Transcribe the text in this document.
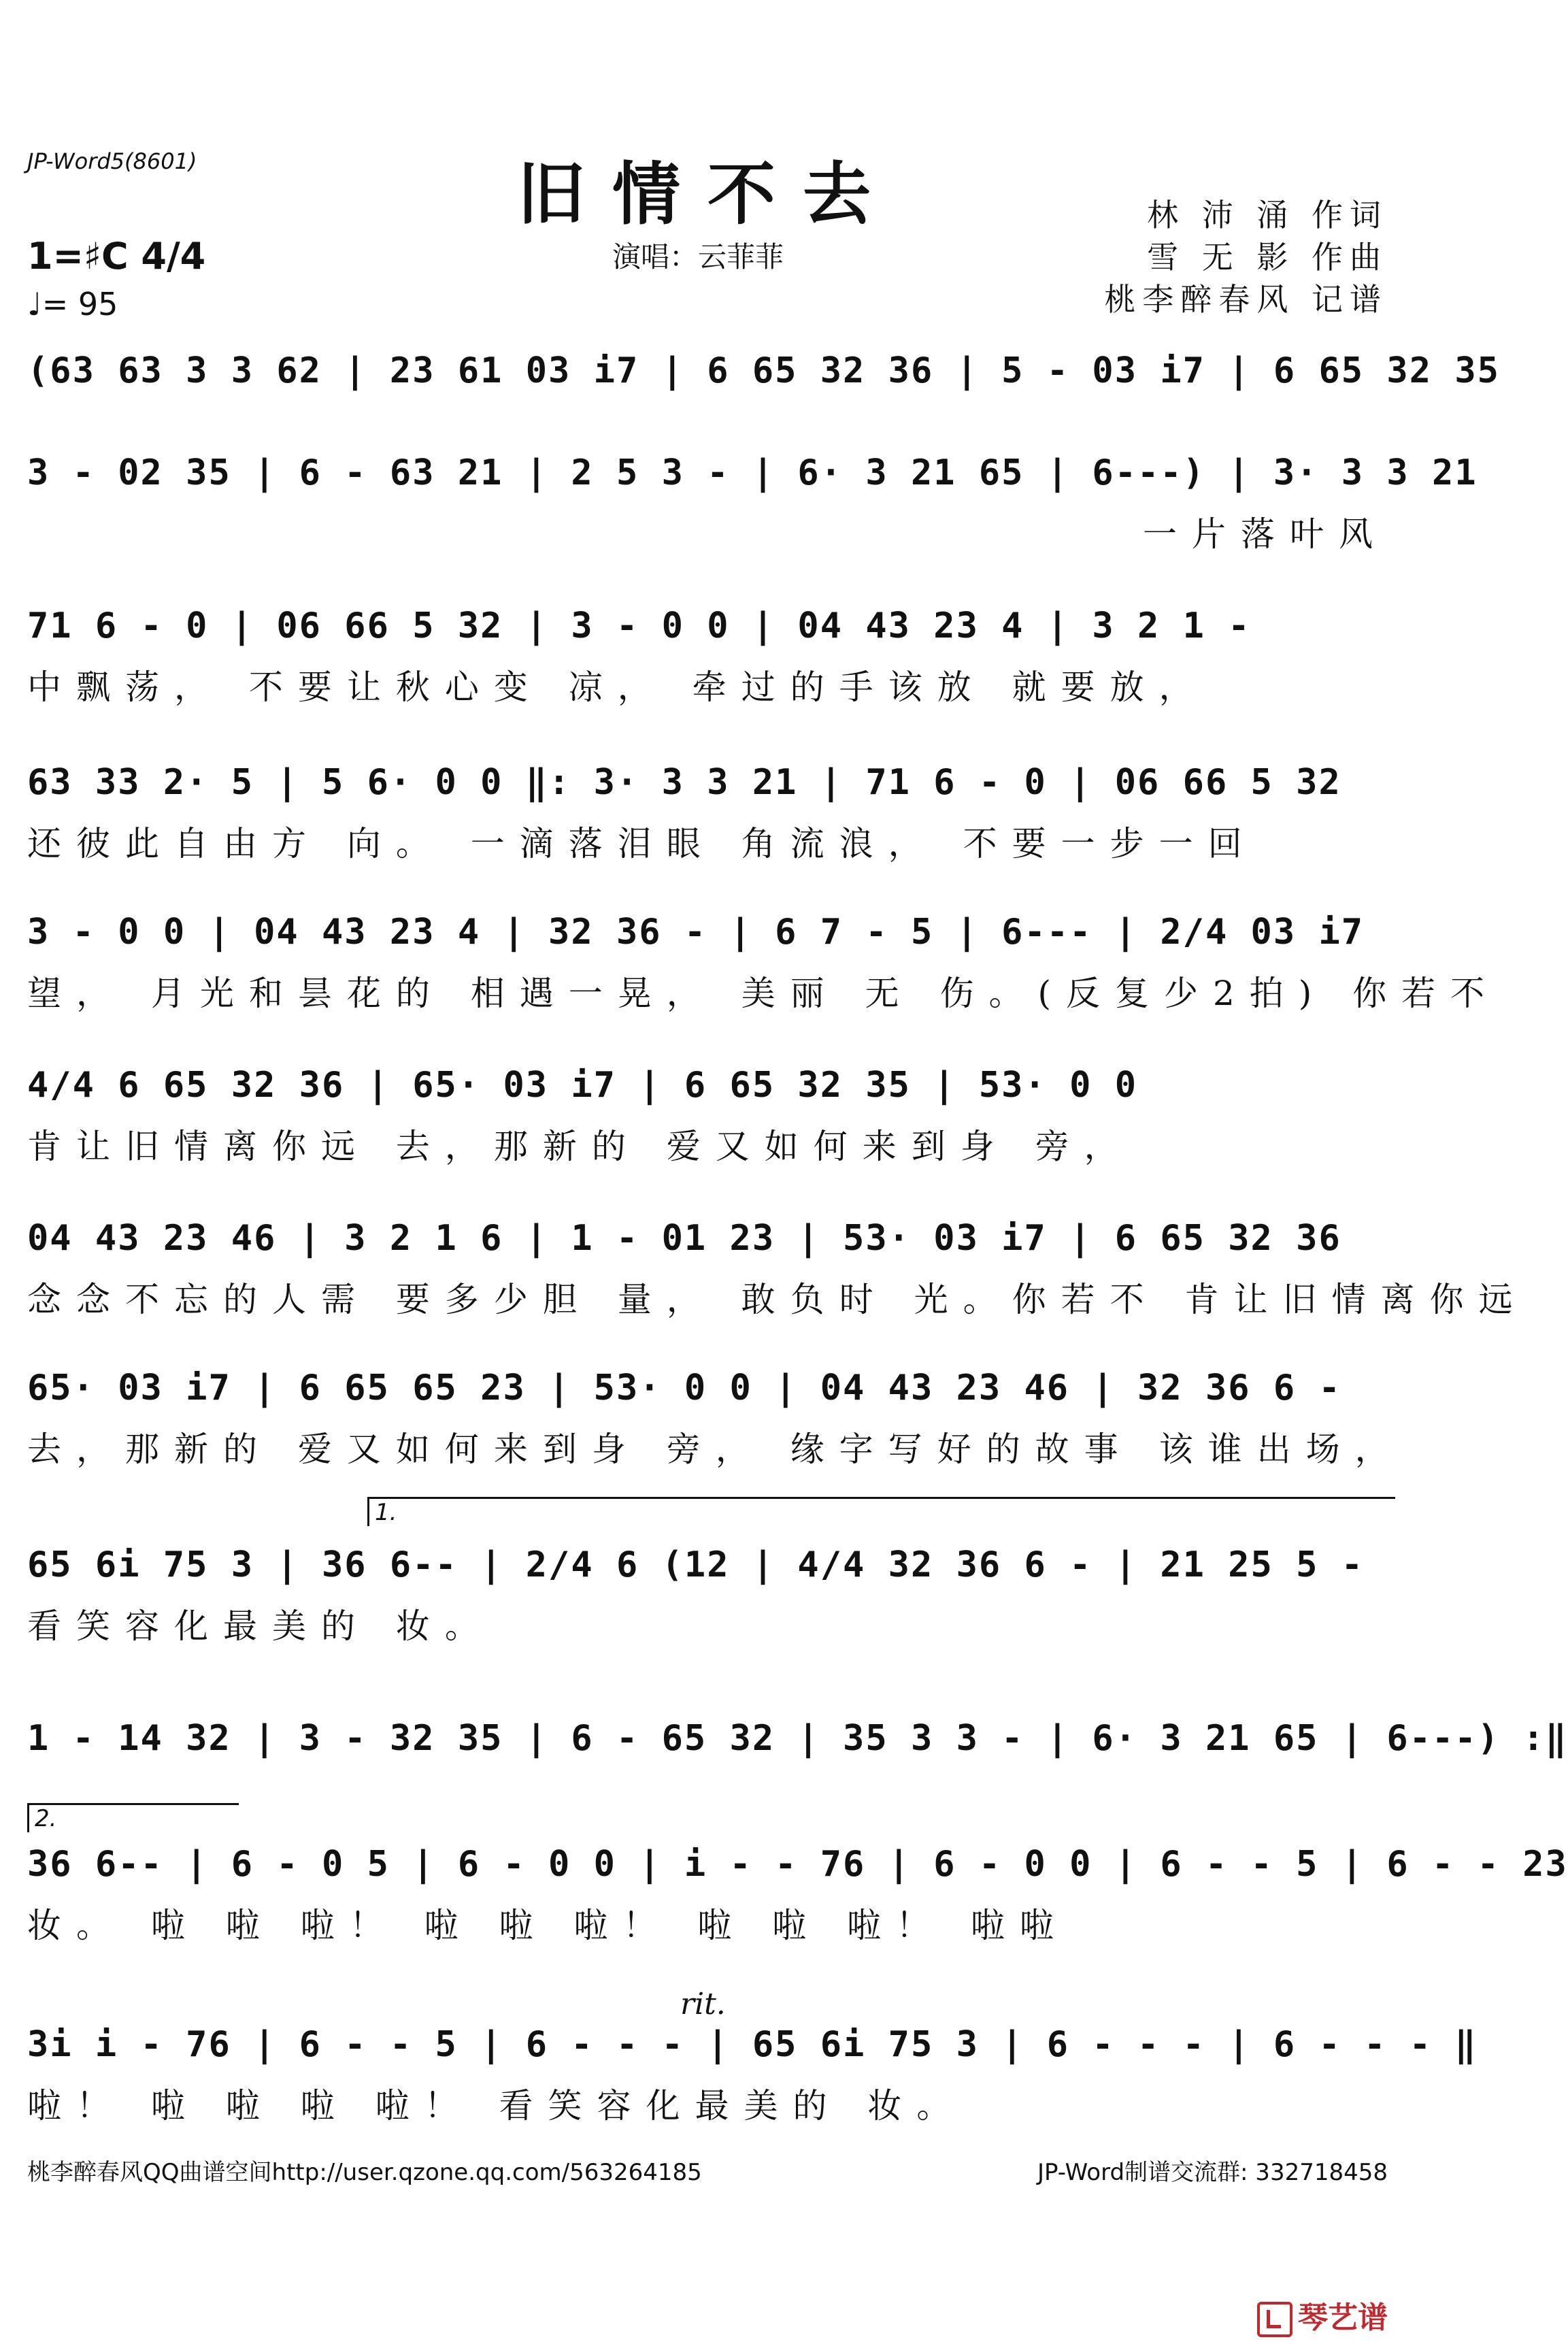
JP-Word5(8601)	旧情不去
演唱：云菲菲
1=♯C 4/4
♩= 95
林 沛 涌 作词
雪 无 影 作曲
桃李醉春风 记谱
(63 63 3 3 62 | 23 61 03 i7 | 6 65 32 36 | 5 - 03 i7 | 6 65 32 35
3 - 02 35 | 6 - 63 21 | 2 5 3 - | 6· 3 21 65 | 6---) | 3· 3 3 21
一片落叶风
71 6 - 0 | 06 66 5 32 | 3 - 0 0 | 04 43 23 4 | 3 2 1 -
中飘荡， 不要让秋心变 凉， 牵过的手该放 就要放，
63 33 2· 5 | 5 6· 0 0 ‖: 3· 3 3 21 | 71 6 - 0 | 06 66 5 32
还彼此自由方 向。 一滴落泪眼 角流浪， 不要一步一回
3 - 0 0 | 04 43 23 4 | 32 36 - | 6 7 - 5 | 6--- | 2/4 03 i7
望， 月光和昙花的 相遇一晃， 美丽 无 伤。(反复少2拍) 你若不
4/4 6 65 32 36 | 65· 03 i7 | 6 65 32 35 | 53· 0 0
肯让旧情离你远 去，那新的 爱又如何来到身 旁，
04 43 23 46 | 3 2 1 6 | 1 - 01 23 | 53· 03 i7 | 6 65 32 36
念念不忘的人需 要多少胆 量， 敢负时 光。你若不 肯让旧情离你远
65· 03 i7 | 6 65 65 23 | 53· 0 0 | 04 43 23 46 | 32 36 6 -
去，那新的 爱又如何来到身 旁， 缘字写好的故事 该谁出场，
1.
65 6i 75 3 | 36 6-- | 2/4 6 (12 | 4/4 32 36 6 - | 21 25 5 -
看笑容化最美的 妆。
1 - 14 32 | 3 - 32 35 | 6 - 65 32 | 35 3 3 - | 6· 3 21 65 | 6---) :‖
2.
36 6-- | 6 - 0 5 | 6 - 0 0 | i - - 76 | 6 - 0 0 | 6 - - 5 | 6 - - 23
妆。 啦 啦 啦！ 啦 啦 啦！ 啦 啦 啦！ 啦啦
rit.
3i i - 76 | 6 - - 5 | 6 - - - | 65 6i 75 3 | 6 - - - | 6 - - - ‖
啦！ 啦 啦 啦 啦！ 看笑容化最美的 妆。
桃李醉春风QQ曲谱空间http://user.qzone.qq.com/563264185	JP-Word制谱交流群: 332718458
琴艺谱
